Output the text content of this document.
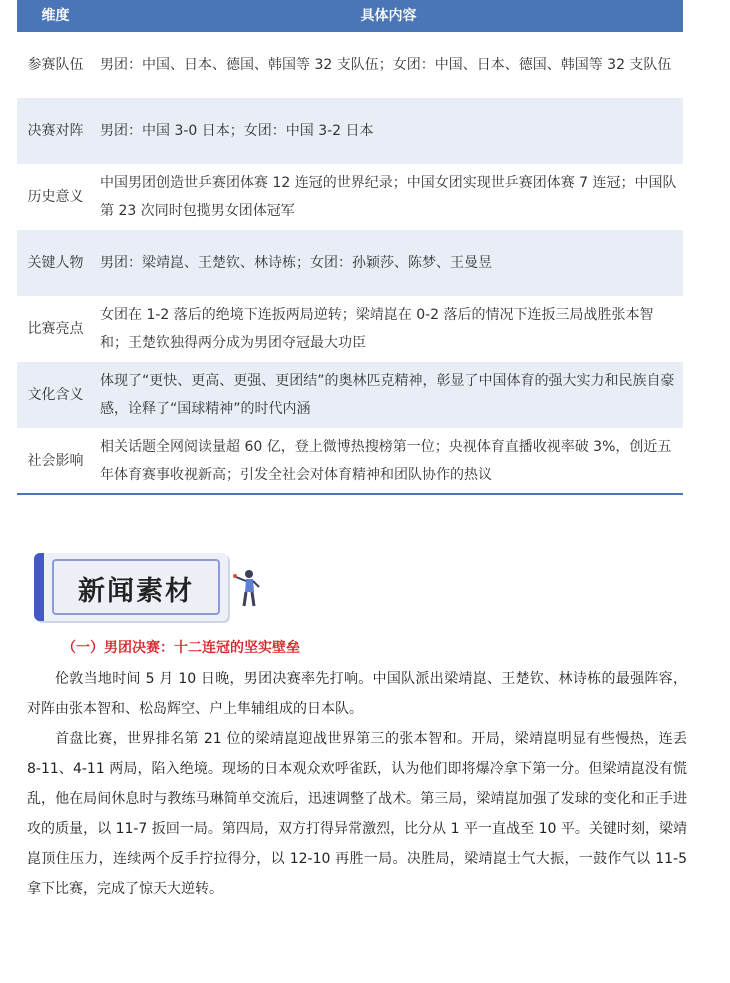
维度	具体内容
参赛队伍	男团：中国、日本、德国、韩国等 32 支队伍；女团：中国、日本、德国、韩国等 32 支队伍
决赛对阵	男团：中国 3-0 日本；女团：中国 3-2 日本
历史意义	中国男团创造世乒赛团体赛 12 连冠的世界纪录；中国女团实现世乒赛团体赛 7 连冠；中国队第 23 次同时包揽男女团体冠军
关键人物	男团：梁靖崑、王楚钦、林诗栋；女团：孙颖莎、陈梦、王曼昱
比赛亮点	女团在 1-2 落后的绝境下连扳两局逆转；梁靖崑在 0-2 落后的情况下连扳三局战胜张本智和；王楚钦独得两分成为男团夺冠最大功臣
文化含义	体现了“更快、更高、更强、更团结”的奥林匹克精神，彰显了中国体育的强大实力和民族自豪感，诠释了“国球精神”的时代内涵
社会影响	相关话题全网阅读量超 60 亿，登上微博热搜榜第一位；央视体育直播收视率破 3%，创近五年体育赛事收视新高；引发全社会对体育精神和团队协作的热议
新闻素材
（一）男团决赛：十二连冠的坚实壁垒

伦敦当地时间 5 月 10 日晚，男团决赛率先打响。中国队派出梁靖崑、王楚钦、林诗栋的最强阵容，对阵由张本智和、松岛辉空、户上隼辅组成的日本队。

首盘比赛，世界排名第 21 位的梁靖崑迎战世界第三的张本智和。开局，梁靖崑明显有些慢热，连丢 8-11、4-11 两局，陷入绝境。现场的日本观众欢呼雀跃，认为他们即将爆冷拿下第一分。但梁靖崑没有慌乱，他在局间休息时与教练马琳简单交流后，迅速调整了战术。第三局，梁靖崑加强了发球的变化和正手进攻的质量，以 11-7 扳回一局。第四局，双方打得异常激烈，比分从 1 平一直战至 10 平。关键时刻，梁靖崑顶住压力，连续两个反手拧拉得分，以 12-10 再胜一局。决胜局，梁靖崑士气大振，一鼓作气以 11-5 拿下比赛，完成了惊天大逆转。
